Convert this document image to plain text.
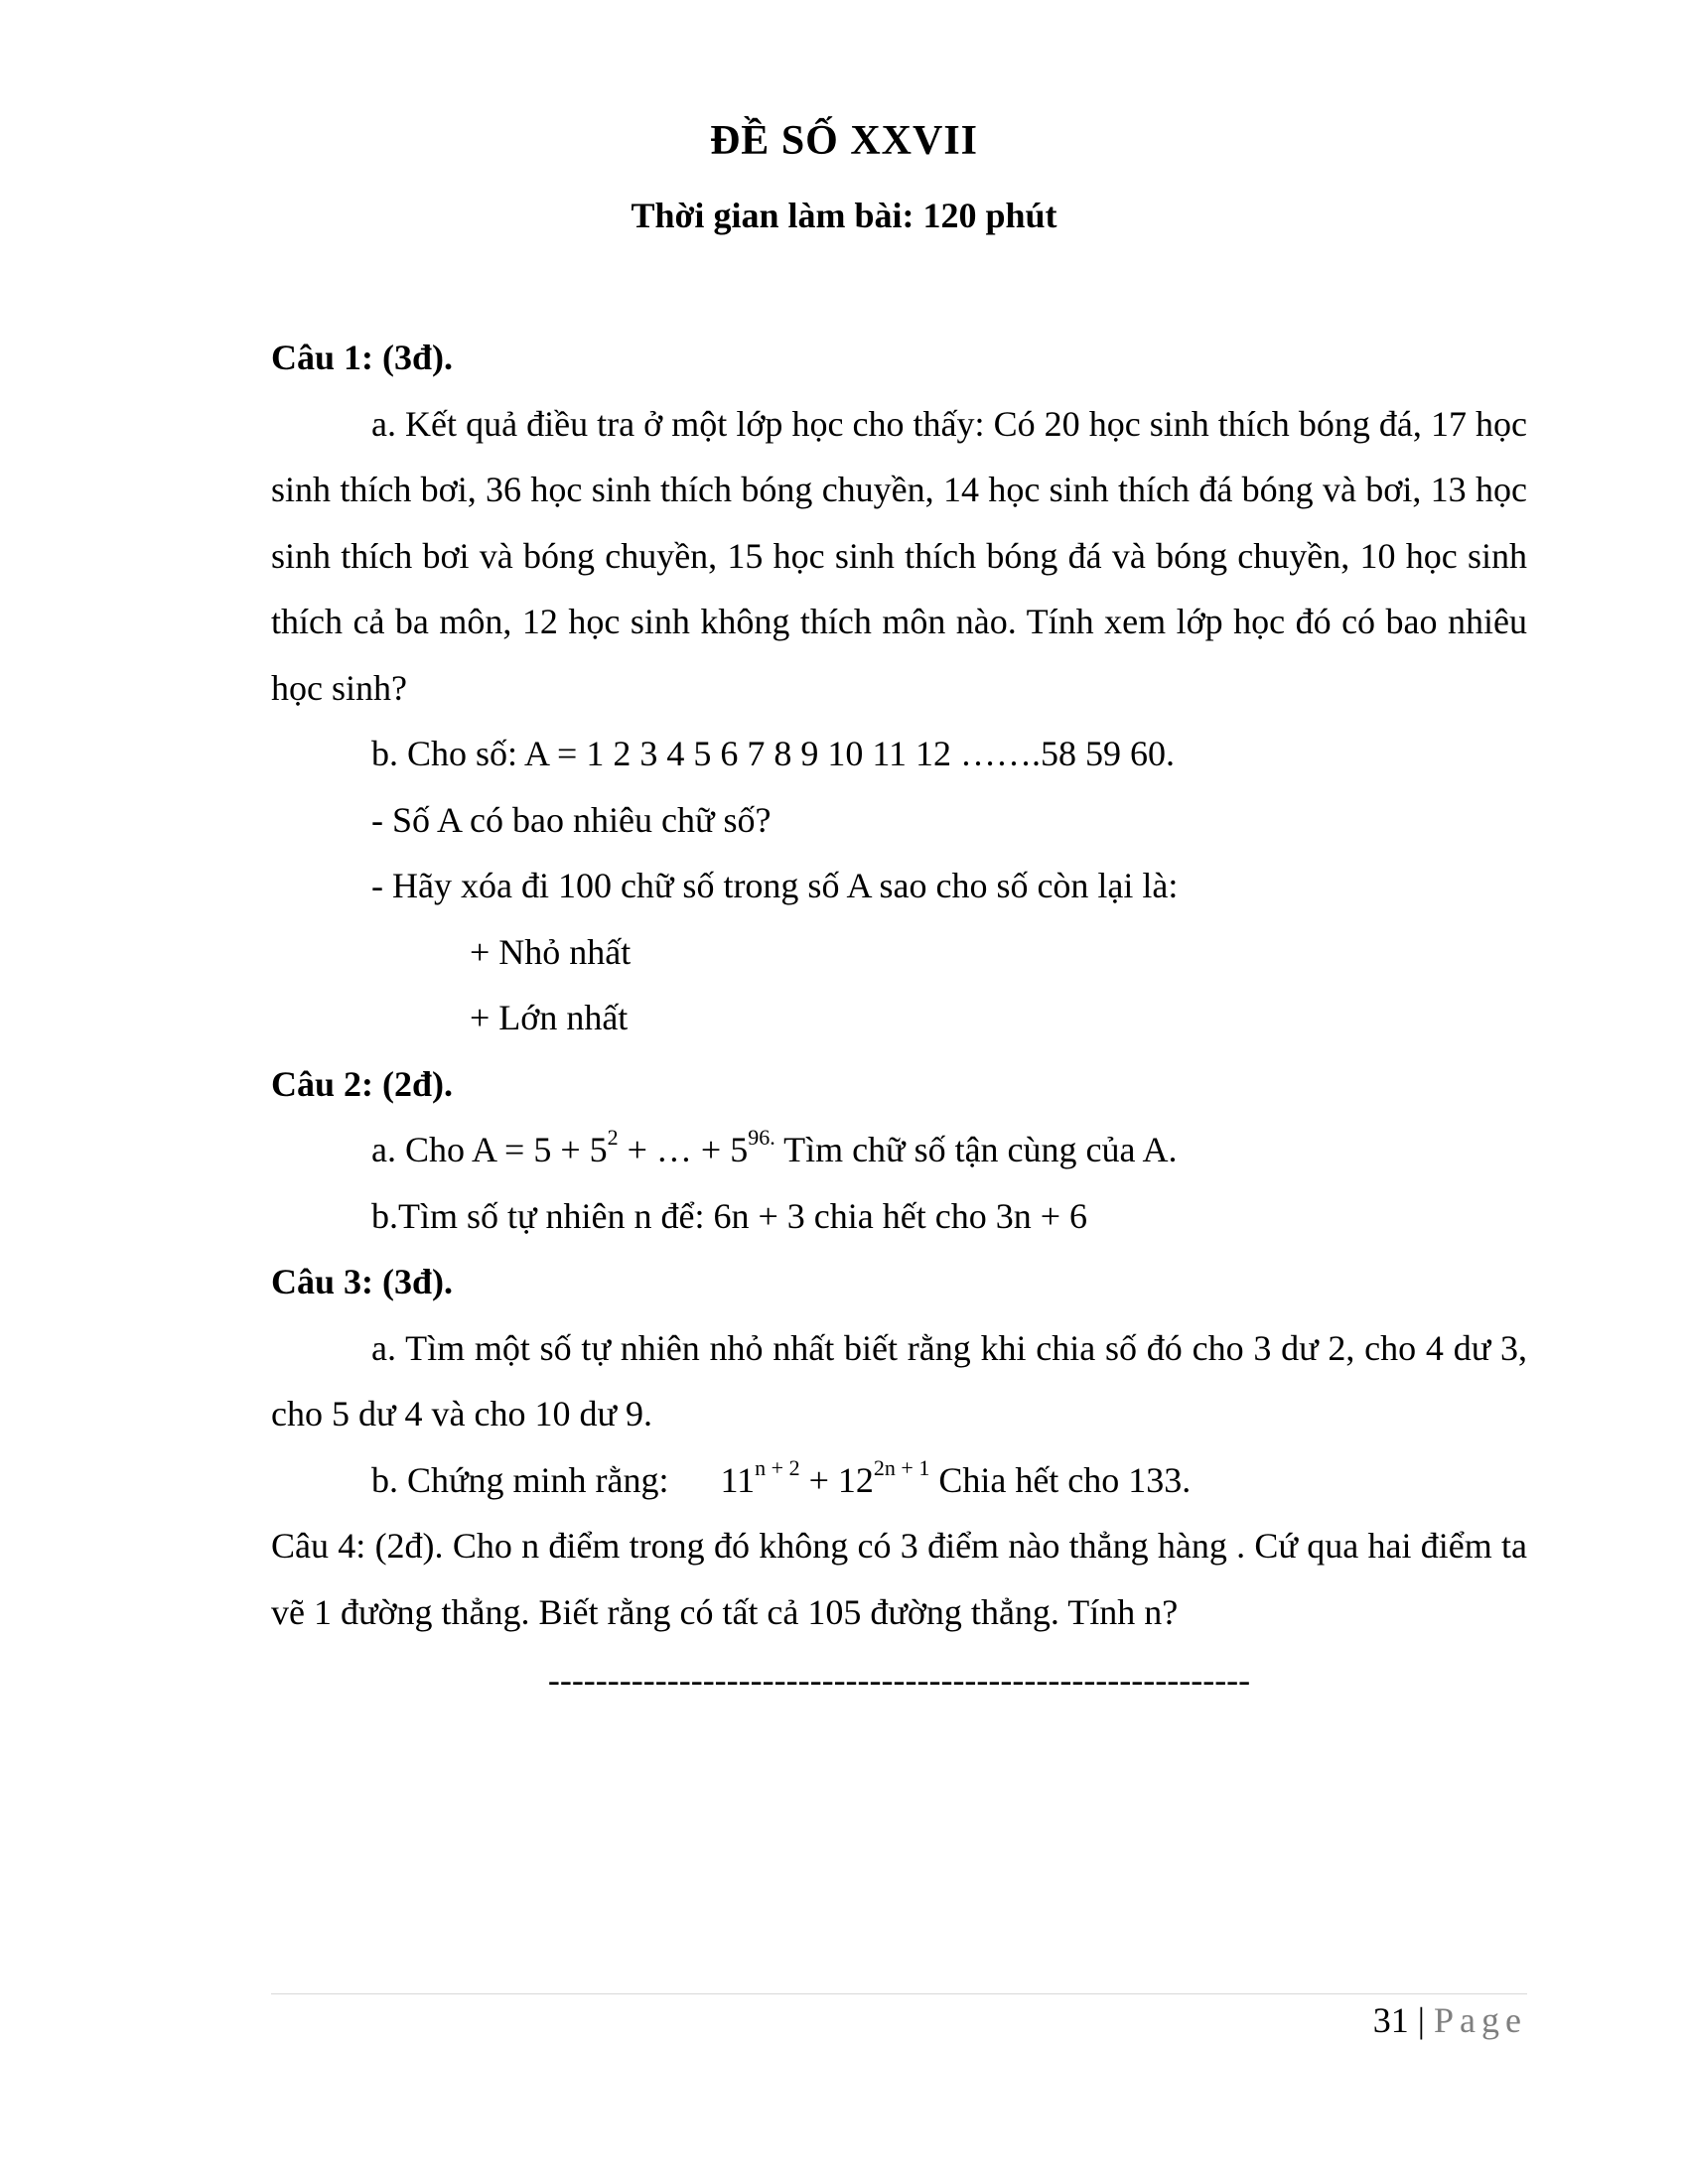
ĐỀ SỐ XXVII
Thời gian làm bài: 120 phút
Câu 1: (3đ).
a. Kết quả điều tra ở một lớp học cho thấy: Có 20 học sinh thích bóng đá, 17 học sinh thích bơi, 36 học sinh thích bóng chuyền, 14 học sinh thích đá bóng và bơi, 13 học sinh thích bơi và bóng chuyền, 15 học sinh thích bóng đá và bóng chuyền, 10 học sinh thích cả ba môn, 12 học sinh không thích môn nào. Tính xem lớp học đó có bao nhiêu học sinh?
b. Cho số: A = 1 2 3 4 5 6 7 8 9 10 11 12 …….58 59 60.
- Số A có bao nhiêu chữ số?
- Hãy xóa đi 100 chữ số trong số A sao cho số còn lại là:
+ Nhỏ nhất
+ Lớn nhất
Câu 2: (2đ).
a. Cho $A = 5 + 5^2$ + … + $5^{96.}$ Tìm chữ số tận cùng của A.
b.Tìm số tự nhiên n để: 6n + 3 chia hết cho 3n + 6
Câu 3: (3đ).
a. Tìm một số tự nhiên nhỏ nhất biết rằng khi chia số đó cho 3 dư 2, cho 4 dư 3, cho 5 dư 4 và cho 10 dư 9.
b. Chứng minh rằng: $11^{n + 2} + 12^{2n + 1}$ Chia hết cho 133.
Câu 4: (2đ). Cho n điểm trong đó không có 3 điểm nào thẳng hàng . Cứ qua hai điểm ta vẽ 1 đường thẳng. Biết rằng có tất cả 105 đường thẳng. Tính n?
-----------------------------------------------------------
31 | Page
